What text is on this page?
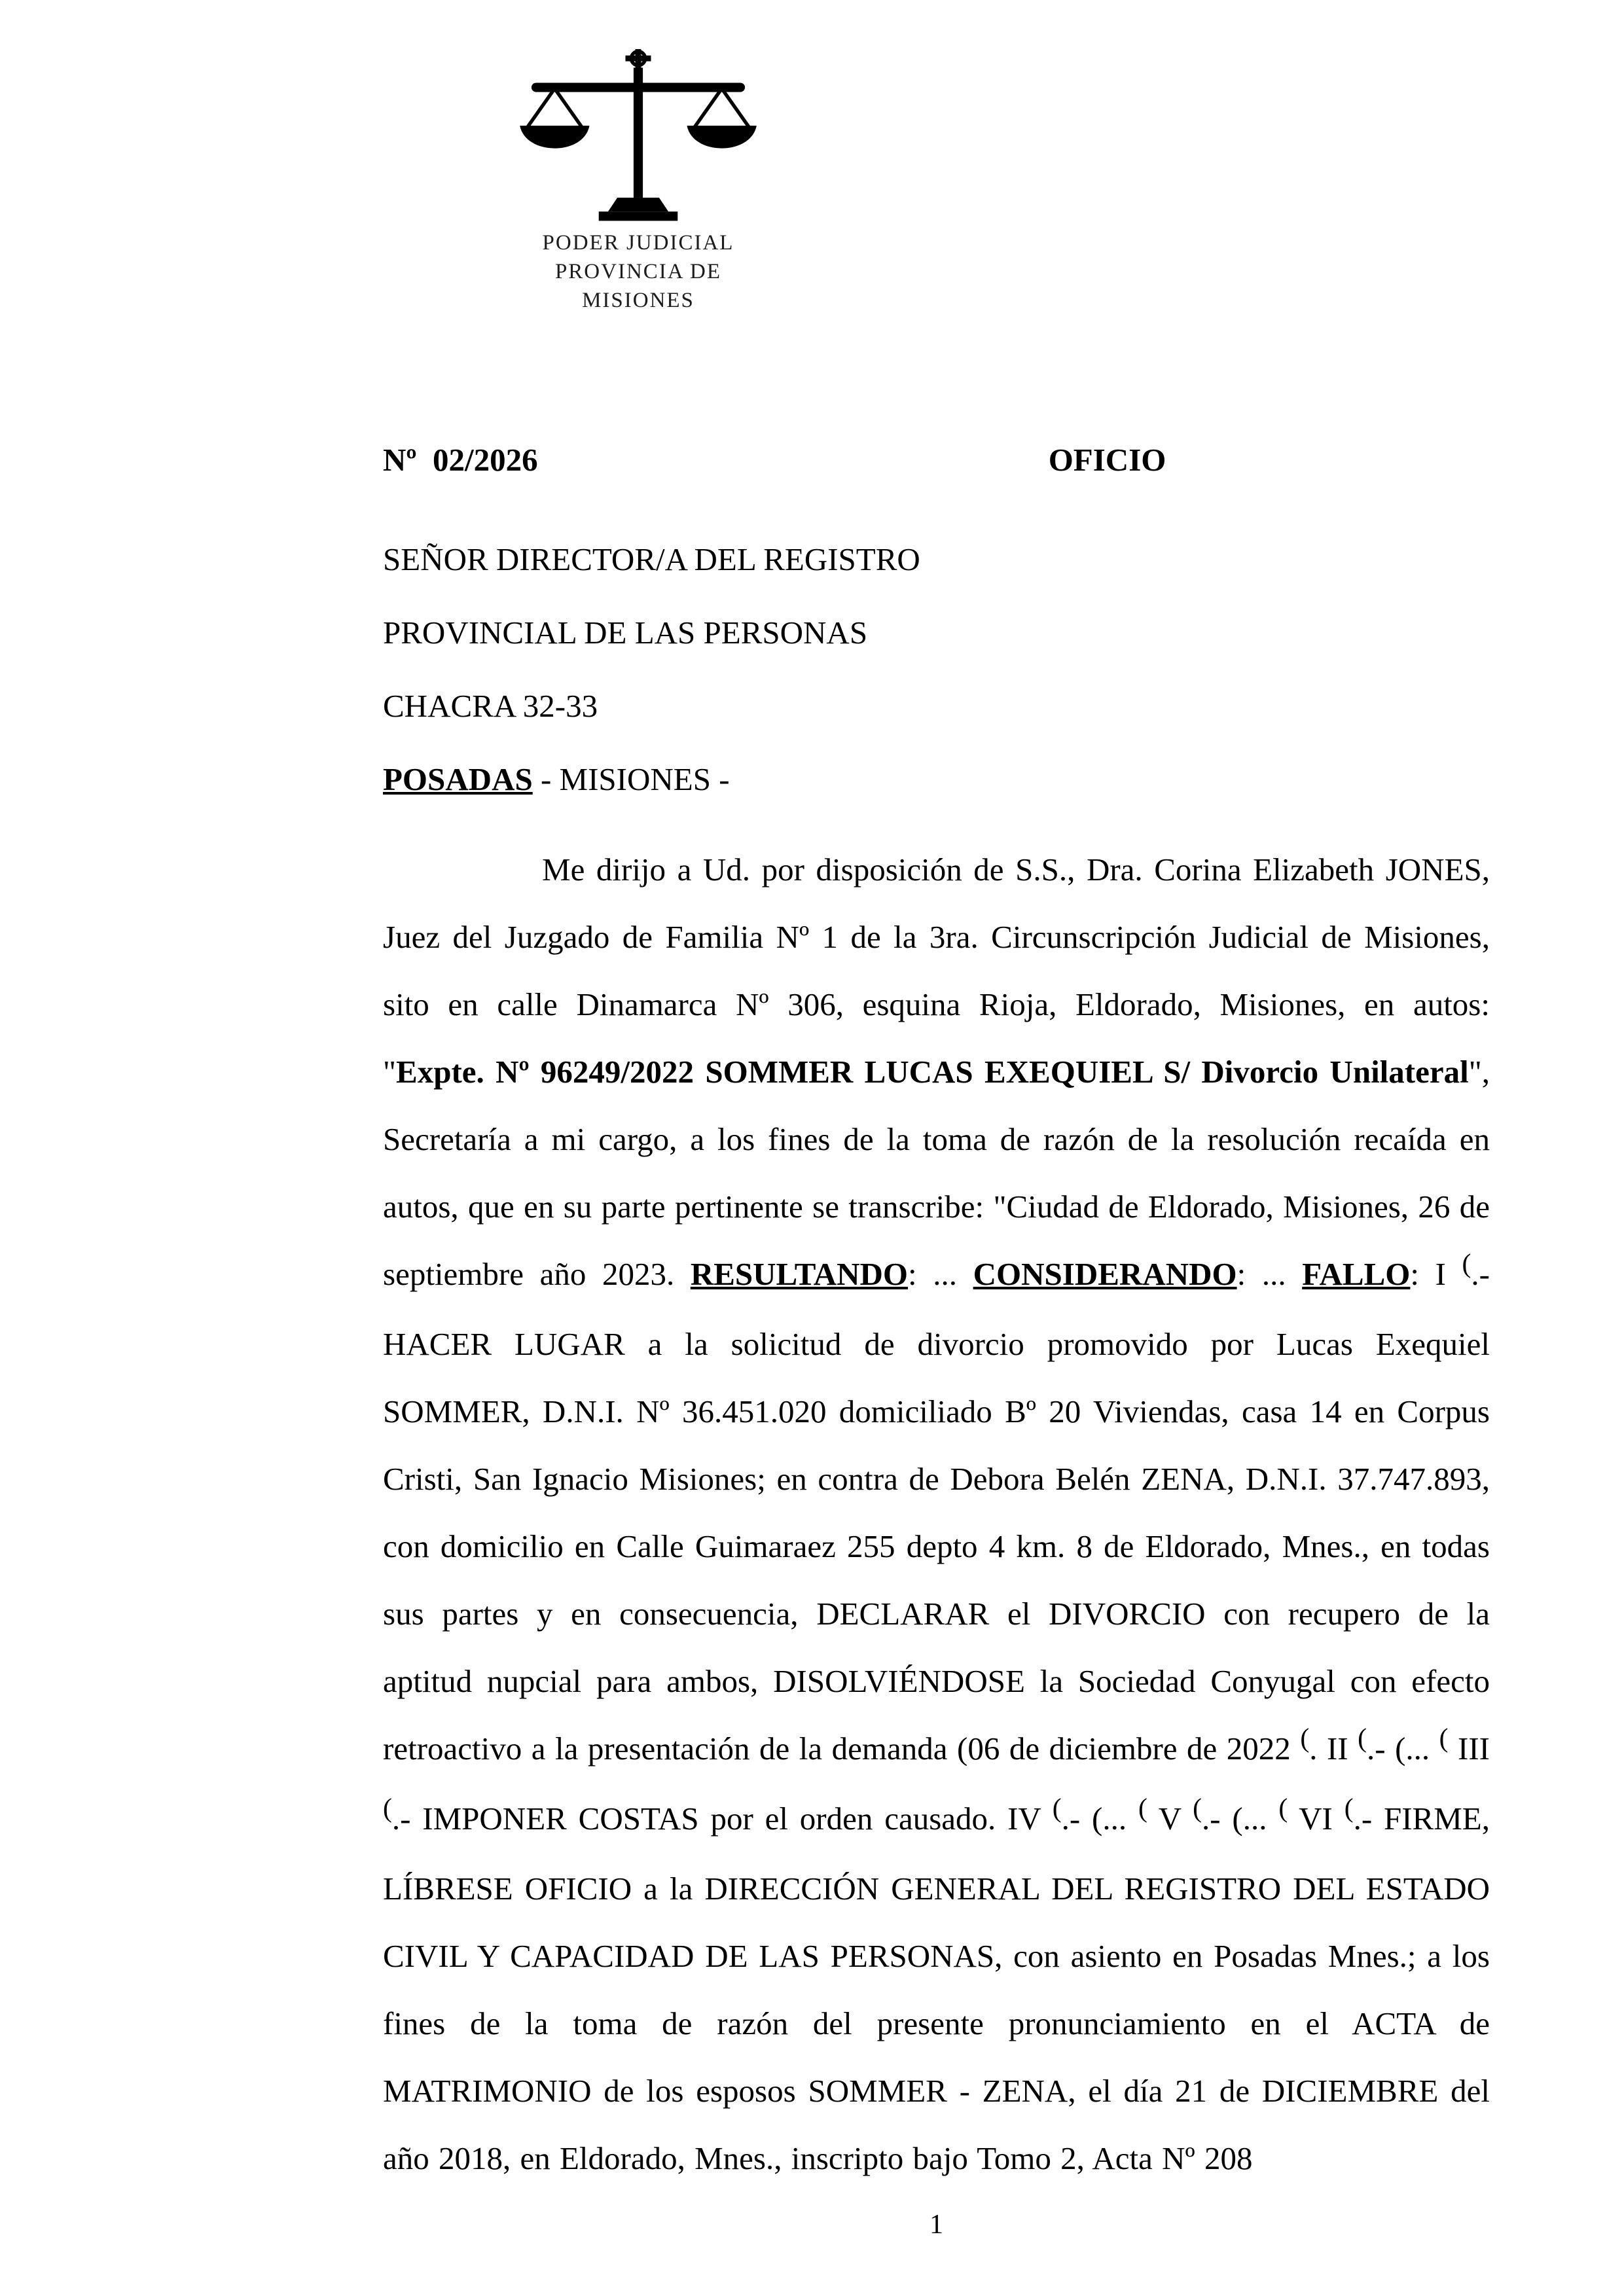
PODER JUDICIAL
PROVINCIA DE MISIONES
Nº  02/2026	OFICIO
SEÑOR DIRECTOR/A DEL REGISTRO
PROVINCIAL DE LAS PERSONAS
CHACRA 32-33
POSADAS - MISIONES -

Me dirijo a Ud. por disposición de S.S., Dra. Corina Elizabeth JONES, Juez del Juzgado de Familia Nº 1 de la 3ra. Circunscripción Judicial de Misiones, sito en calle Dinamarca Nº 306, esquina Rioja, Eldorado, Misiones, en autos: "Expte. Nº 96249/2022 SOMMER LUCAS EXEQUIEL S/ Divorcio Unilateral", Secretaría a mi cargo, a los fines de la toma de razón de la resolución recaída en autos, que en su parte pertinente se transcribe: "Ciudad de Eldorado, Misiones, 26 de septiembre año 2023. RESULTANDO: ... CONSIDERANDO: ... FALLO: I (.- HACER LUGAR a la solicitud de divorcio promovido por Lucas Exequiel SOMMER, D.N.I. Nº 36.451.020 domiciliado Bº 20 Viviendas, casa 14 en Corpus Cristi, San Ignacio Misiones; en contra de Debora Belén ZENA, D.N.I. 37.747.893, con domicilio en Calle Guimaraez 255 depto 4 km. 8 de Eldorado, Mnes., en todas sus partes y en consecuencia, DECLARAR el DIVORCIO con recupero de la aptitud nupcial para ambos, DISOLVIÉNDOSE la Sociedad Conyugal con efecto retroactivo a la presentación de la demanda (06 de diciembre de 2022 (. II (.- (... ( III (.- IMPONER COSTAS por el orden causado. IV (.- (... ( V (.- (... ( VI (.- FIRME, LÍBRESE OFICIO a la DIRECCIÓN GENERAL DEL REGISTRO DEL ESTADO CIVIL Y CAPACIDAD DE LAS PERSONAS, con asiento en Posadas Mnes.; a los fines de la toma de razón del presente pronunciamiento en el ACTA de MATRIMONIO de los esposos SOMMER - ZENA, el día 21 de DICIEMBRE del año 2018, en Eldorado, Mnes., inscripto bajo Tomo 2, Acta Nº 208

1
